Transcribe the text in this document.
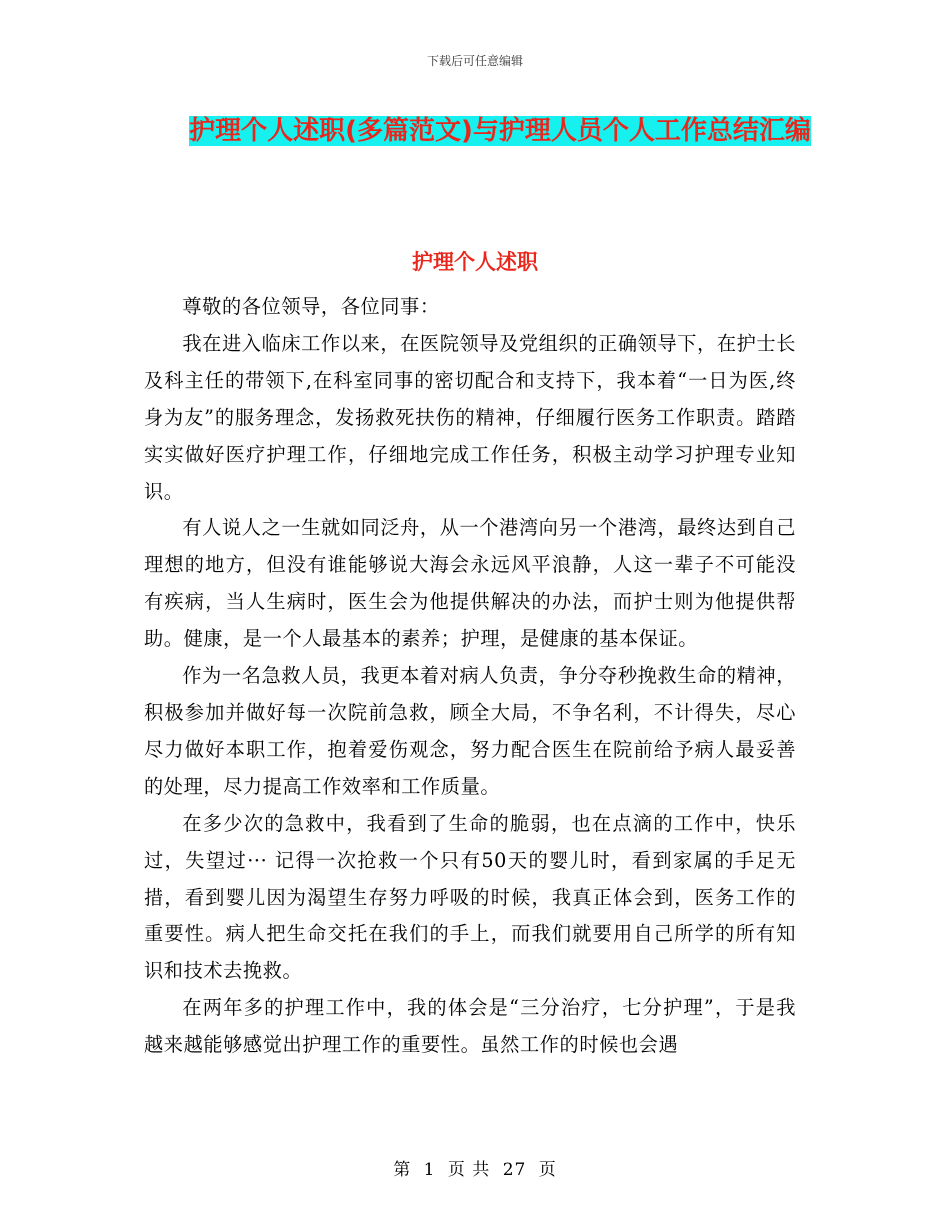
下载后可任意编辑
护理个人述职(多篇范文)与护理人员个人工作总结汇编
护理个人述职

尊敬的各位领导，各位同事：

我在进入临床工作以来，在医院领导及党组织的正确领导下，在护士长及科主任的带领下,在科室同事的密切配合和支持下，我本着“一日为医,终身为友”的服务理念，发扬救死扶伤的精神，仔细履行医务工作职责。踏踏实实做好医疗护理工作，仔细地完成工作任务，积极主动学习护理专业知识。

有人说人之一生就如同泛舟，从一个港湾向另一个港湾，最终达到自己理想的地方，但没有谁能够说大海会永远风平浪静，人这一辈子不可能没有疾病，当人生病时，医生会为他提供解决的办法，而护士则为他提供帮助。健康，是一个人最基本的素养；护理，是健康的基本保证。

作为一名急救人员，我更本着对病人负责，争分夺秒挽救生命的精神，积极参加并做好每一次院前急救，顾全大局，不争名利，不计得失，尽心尽力做好本职工作，抱着爱伤观念，努力配合医生在院前给予病人最妥善的处理，尽力提高工作效率和工作质量。

在多少次的急救中，我看到了生命的脆弱，也在点滴的工作中，快乐过，失望过··· 记得一次抢救一个只有50天的婴儿时，看到家属的手足无措，看到婴儿因为渴望生存努力呼吸的时候，我真正体会到，医务工作的重要性。病人把生命交托在我们的手上，而我们就要用自己所学的所有知识和技术去挽救。

在两年多的护理工作中，我的体会是“三分治疗，七分护理”，于是我越来越能够感觉出护理工作的重要性。虽然工作的时候也会遇

第 1 页 共 27 页
